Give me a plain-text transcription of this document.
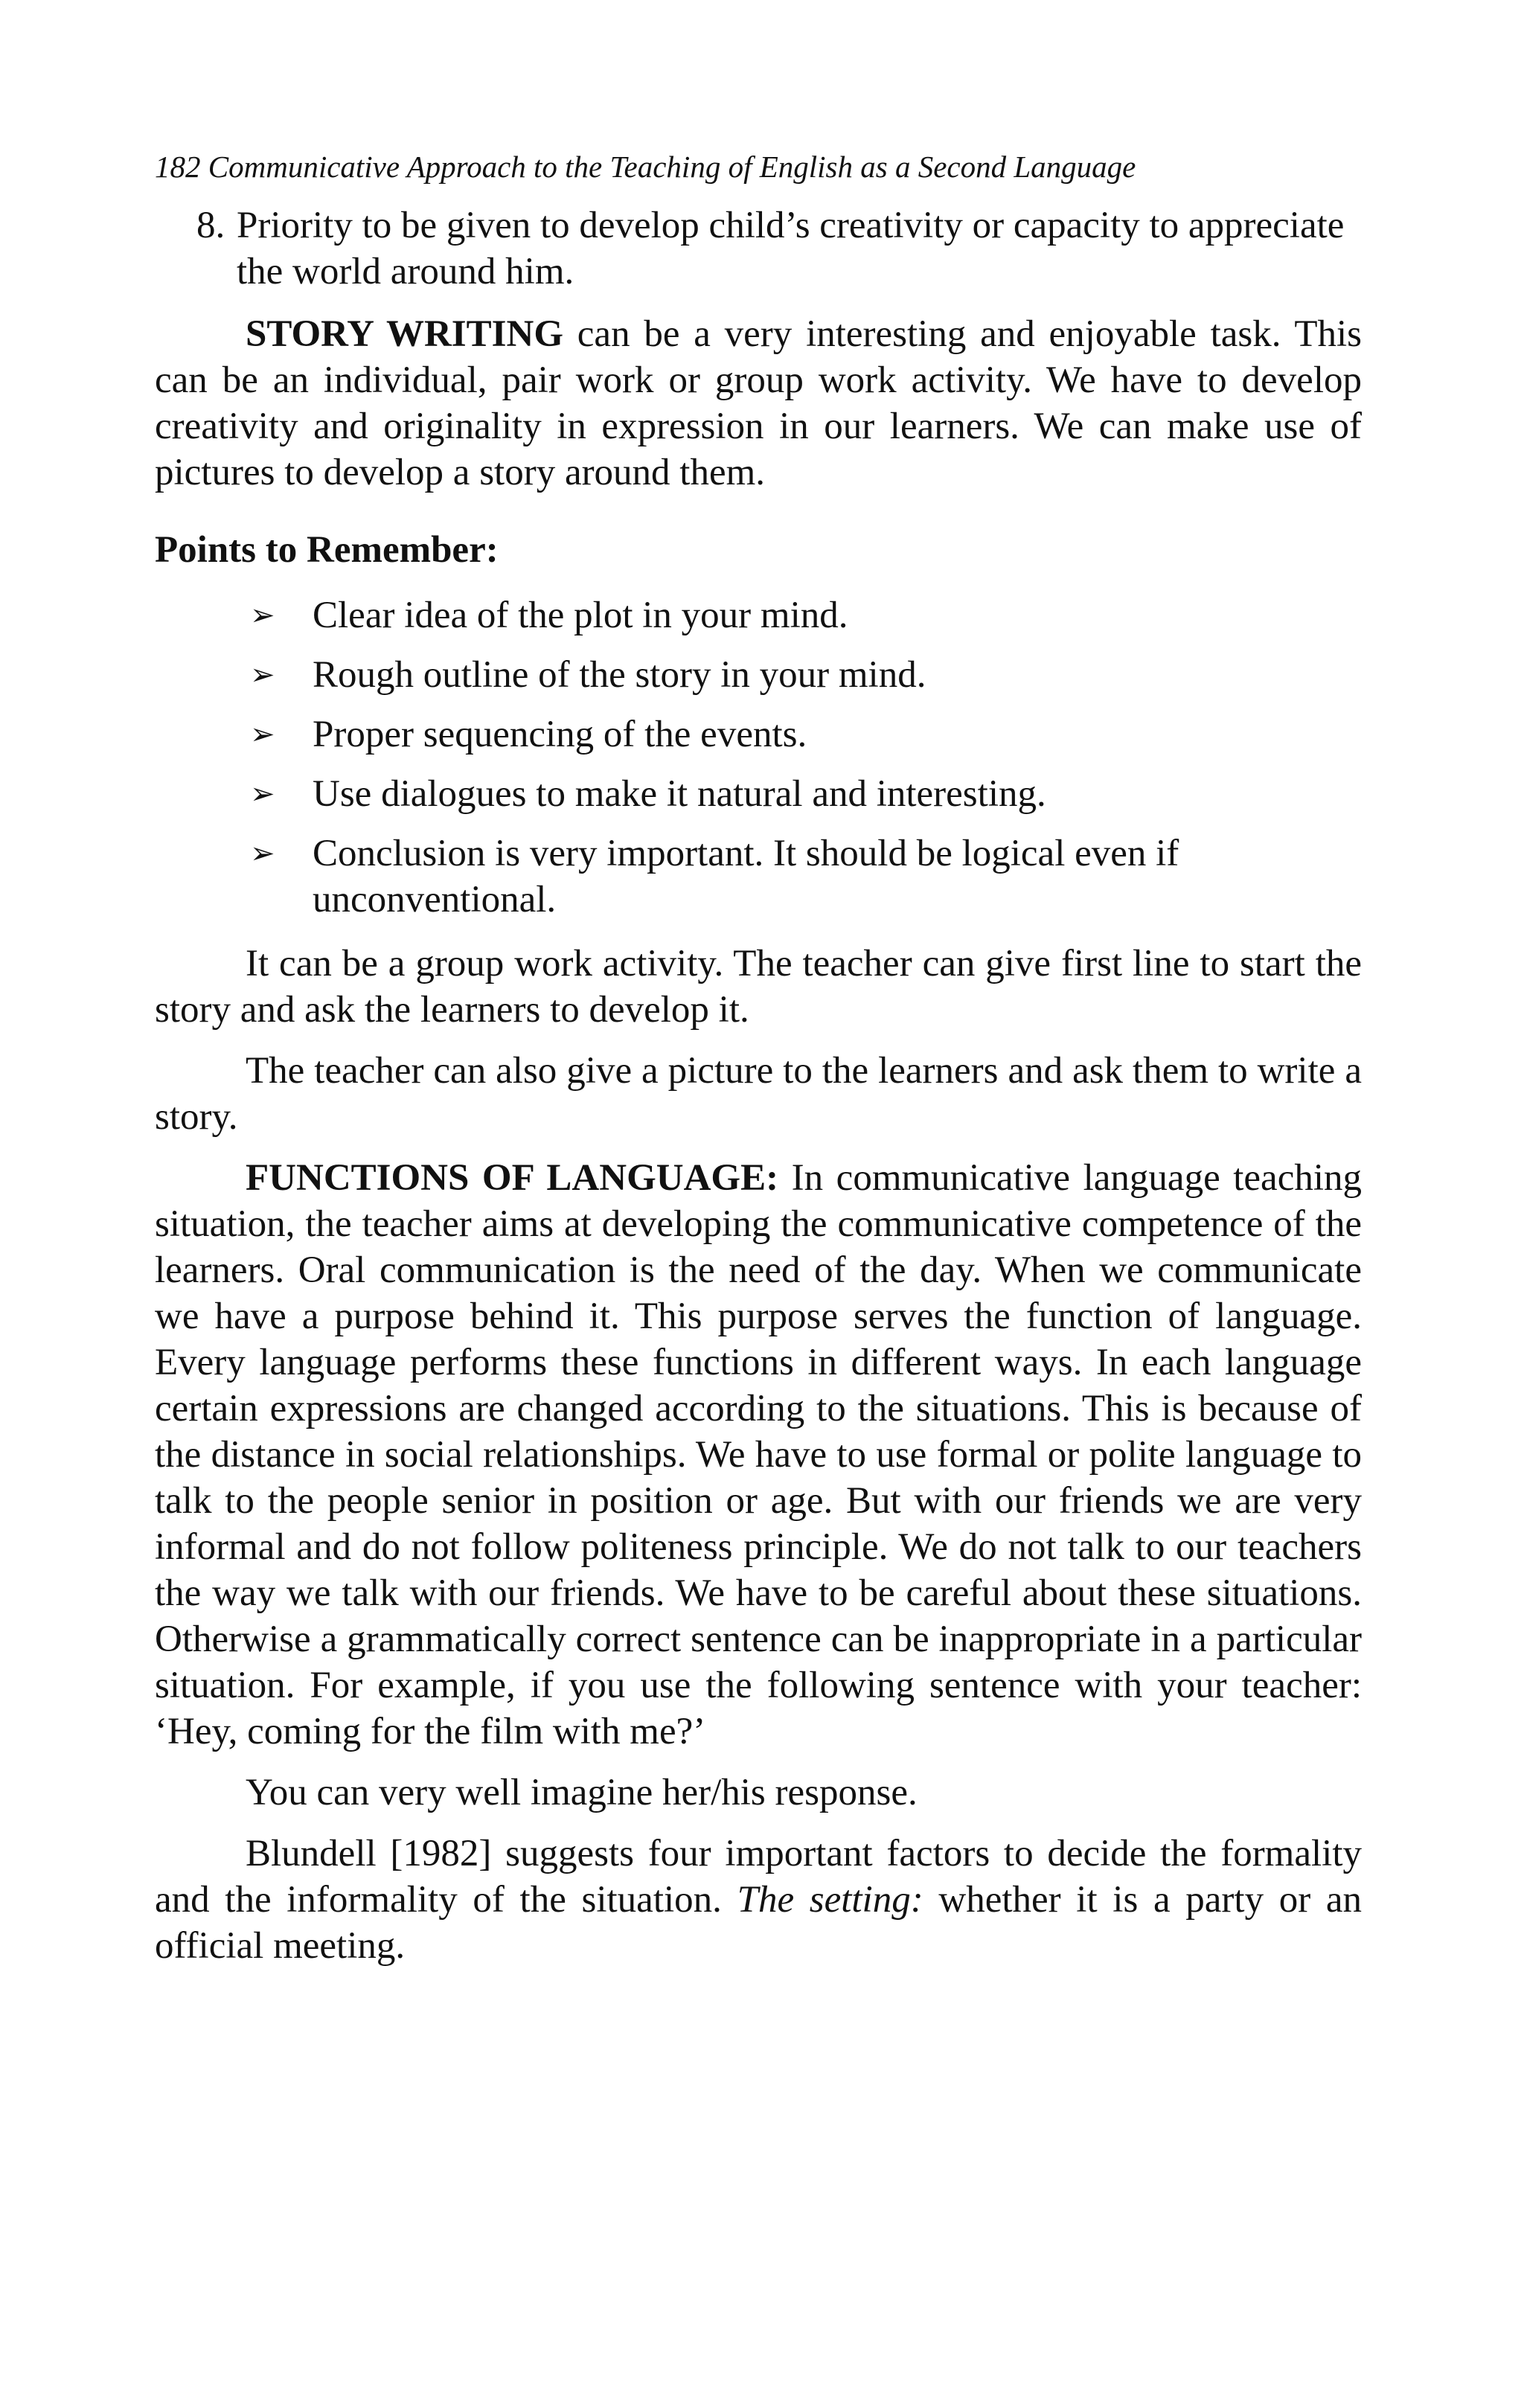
182 Communicative Approach to the Teaching of English as a Second Language
8. Priority to be given to develop child’s creativity or capacity to appreciate the world around him.

STORY WRITING can be a very interesting and enjoyable task. This can be an individual, pair work or group work activity. We have to develop creativity and originality in expression in our learners. We can make use of pictures to develop a story around them.

Points to Remember:
➢ Clear idea of the plot in your mind.
➢ Rough outline of the story in your mind.
➢ Proper sequencing of the events.
➢ Use dialogues to make it natural and interesting.
➢ Conclusion is very important. It should be logical even if unconventional.

It can be a group work activity. The teacher can give first line to start the story and ask the learners to develop it.

The teacher can also give a picture to the learners and ask them to write a story.

FUNCTIONS OF LANGUAGE: In communicative language teaching situation, the teacher aims at developing the communicative competence of the learners. Oral communication is the need of the day. When we communicate we have a purpose behind it. This purpose serves the function of language. Every language performs these functions in different ways. In each language certain expressions are changed according to the situations. This is because of the distance in social relationships. We have to use formal or polite language to talk to the people senior in position or age. But with our friends we are very informal and do not follow politeness principle. We do not talk to our teachers the way we talk with our friends. We have to be careful about these situations. Otherwise a grammatically correct sentence can be inappropriate in a particular situation. For example, if you use the following sentence with your teacher: ‘Hey, coming for the film with me?’

You can very well imagine her/his response.

Blundell [1982] suggests four important factors to decide the formality and the informality of the situation. The setting: whether it is a party or an official meeting.
